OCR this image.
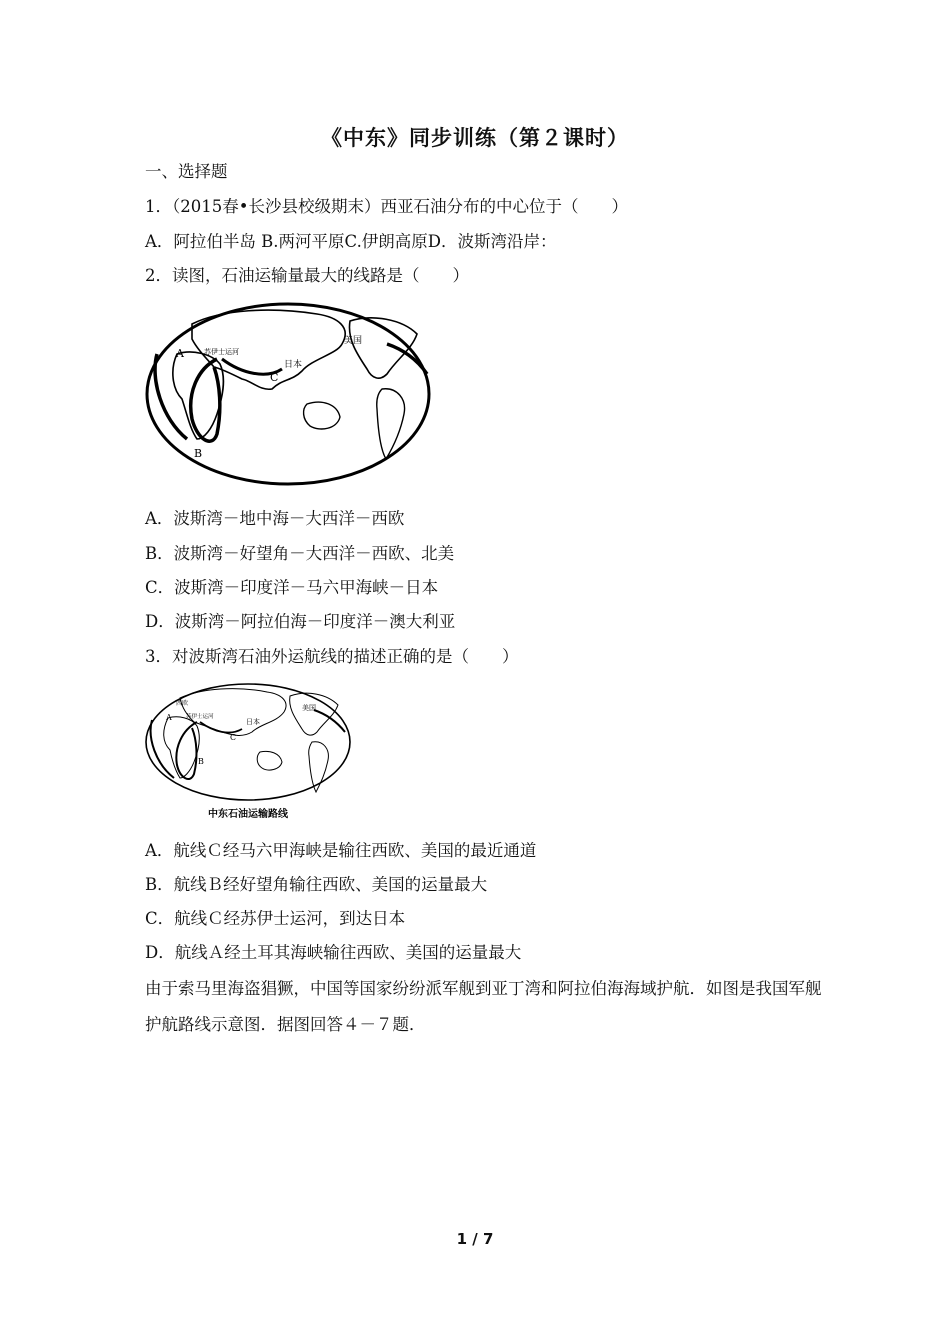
《中东》同步训练（第２课时）
一、选择题
1．（2015春•长沙县校级期末）西亚石油分布的中心位于（　　）
A．阿拉伯半岛 B.两河平原C.伊朗高原D．波斯湾沿岸：
2．读图，石油运输量最大的线路是（　　）
A
B
C
苏伊士运河
日本
美国
A．波斯湾－地中海－大西洋－西欧
B．波斯湾－好望角－大西洋－西欧、北美
C．波斯湾－印度洋－马六甲海峡－日本
D．波斯湾－阿拉伯海－印度洋－澳大利亚
3．对波斯湾石油外运航线的描述正确的是（　　）
A
B
C
西欧
苏伊士运河
日本
美国
中东石油运输路线
A．航线Ｃ经马六甲海峡是输往西欧、美国的最近通道
B．航线Ｂ经好望角输往西欧、美国的运量最大
C．航线Ｃ经苏伊士运河，到达日本
D．航线Ａ经土耳其海峡输往西欧、美国的运量最大
由于索马里海盗猖獗，中国等国家纷纷派军舰到亚丁湾和阿拉伯海海域护航．如图是我国军舰护航路线示意图．据图回答４－７题．
1 / 7
